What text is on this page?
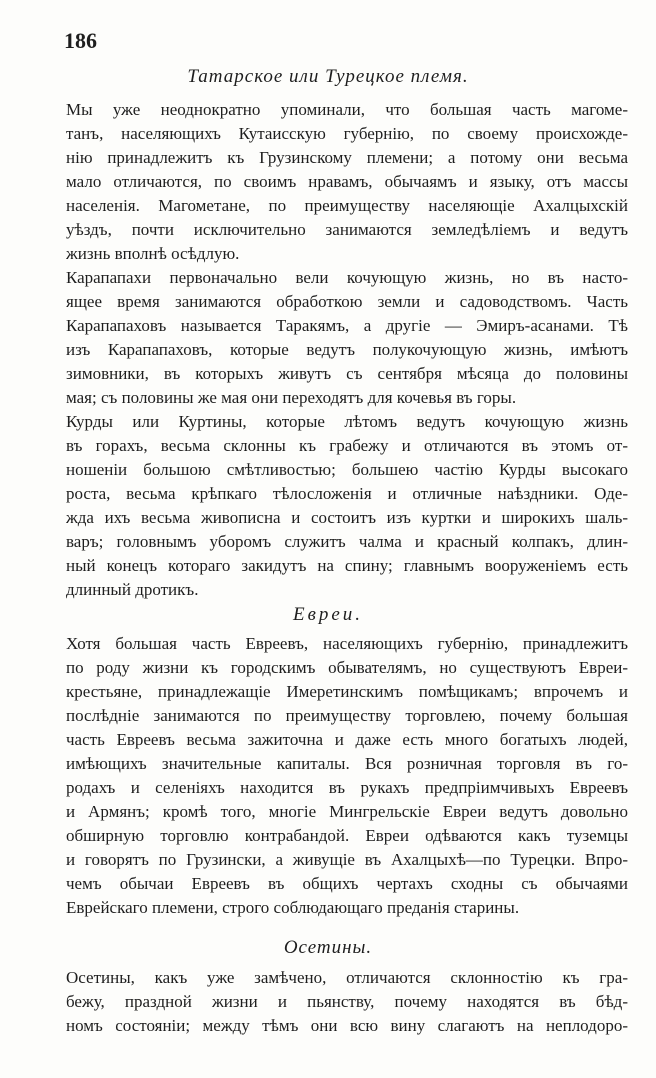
186
Татарское или Турецкое племя.
Мы уже неоднократно упоминали, что большая часть магоме-
танъ, населяющихъ Кутаисскую губернію, по своему происхожде-
нію принадлежитъ къ Грузинскому племени; а потому они весьма
мало отличаются, по своимъ нравамъ, обычаямъ и языку, отъ массы
населенія. Магометане, по преимуществу населяющіе Ахалцыхскій
уѣздъ, почти исключительно занимаются земледѣліемъ и ведутъ
жизнь вполнѣ осѣдлую.
Карапапахи первоначально вели кочующую жизнь, но въ насто-
ящее время занимаются обработкою земли и садоводствомъ. Часть
Карапапаховъ называется Таракямъ, а другіе — Эмиръ-асанами. Тѣ
изъ Карапапаховъ, которые ведутъ полукочующую жизнь, имѣютъ
зимовники, въ которыхъ живутъ съ сентября мѣсяца до половины
мая; съ половины же мая они переходятъ для кочевья въ горы.
Курды или Куртины, которые лѣтомъ ведутъ кочующую жизнь
въ горахъ, весьма склонны къ грабежу и отличаются въ этомъ от-
ношеніи большою смѣтливостью; большею частію Курды высокаго
роста, весьма крѣпкаго тѣлосложенія и отличные наѣздники. Оде-
жда ихъ весьма живописна и состоитъ изъ куртки и широкихъ шаль-
варъ; головнымъ уборомъ служитъ чалма и красный колпакъ, длин-
ный конецъ котораго закидутъ на спину; главнымъ вооруженіемъ есть
длинный дротикъ.
Евреи.
Хотя большая часть Евреевъ, населяющихъ губернію, принадлежитъ
по роду жизни къ городскимъ обывателямъ, но существуютъ Евреи-
крестьяне, принадлежащіе Имеретинскимъ помѣщикамъ; впрочемъ и
послѣдніе занимаются по преимуществу торговлею, почему большая
часть Евреевъ весьма зажиточна и даже есть много богатыхъ людей,
имѣющихъ значительные капиталы. Вся розничная торговля въ го-
родахъ и селеніяхъ находится въ рукахъ предпріимчивыхъ Евреевъ
и Армянъ; кромѣ того, многіе Мингрельскіе Евреи ведутъ довольно
обширную торговлю контрабандой. Евреи одѣваются какъ туземцы
и говорятъ по Грузински, а живущіе въ Ахалцыхѣ—по Турецки. Впро-
чемъ обычаи Евреевъ въ общихъ чертахъ сходны съ обычаями
Еврейскаго племени, строго соблюдающаго преданія старины.
Осетины.
Осетины, какъ уже замѣчено, отличаются склонностію къ гра-
бежу, праздной жизни и пьянству, почему находятся въ бѣд-
номъ состояніи; между тѣмъ они всю вину слагаютъ на неплодоро-
